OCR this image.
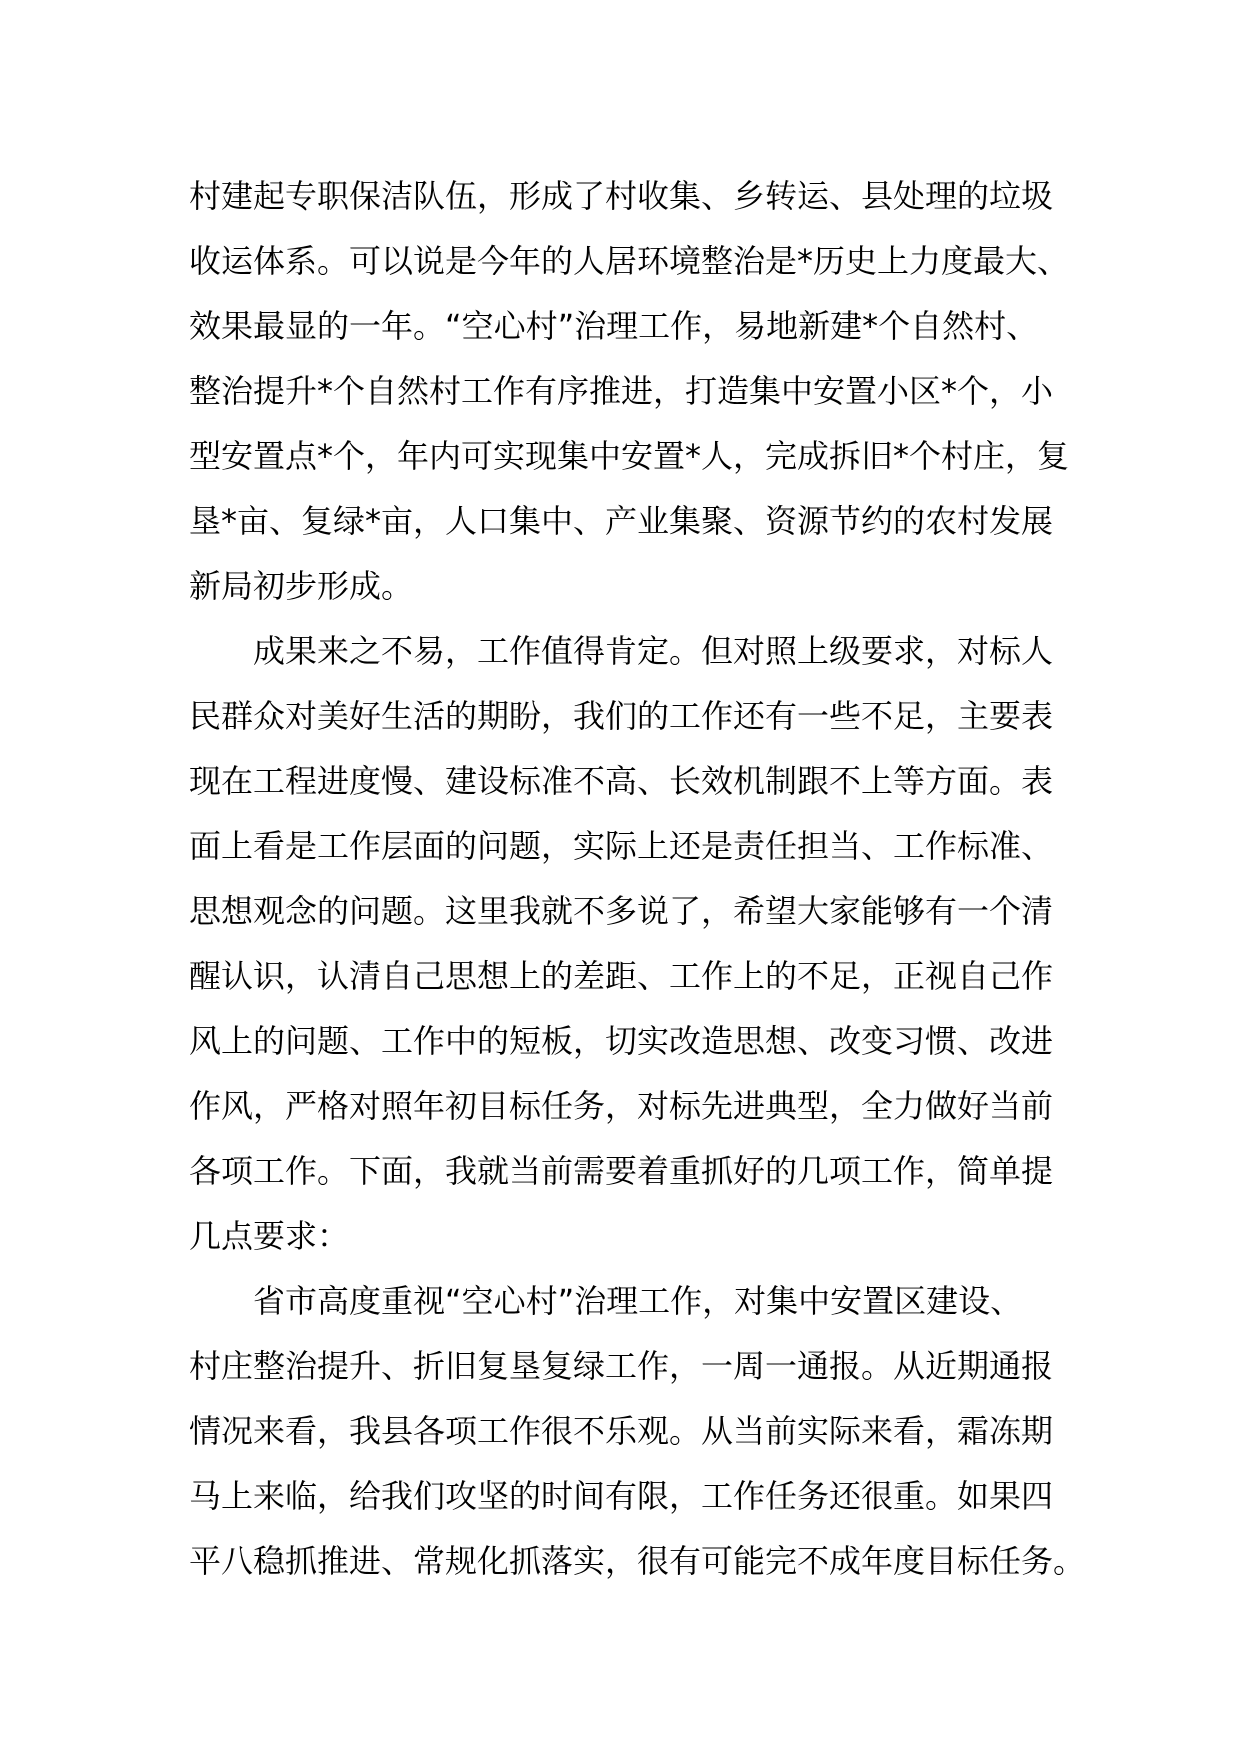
村建起专职保洁队伍，形成了村收集、乡转运、县处理的垃圾
收运体系。可以说是今年的人居环境整治是*历史上力度最大、
效果最显的一年。“空心村”治理工作，易地新建*个自然村、
整治提升*个自然村工作有序推进，打造集中安置小区*个，小
型安置点*个，年内可实现集中安置*人，完成拆旧*个村庄，复
垦*亩、复绿*亩，人口集中、产业集聚、资源节约的农村发展
新局初步形成。
成果来之不易，工作值得肯定。但对照上级要求，对标人
民群众对美好生活的期盼，我们的工作还有一些不足，主要表
现在工程进度慢、建设标准不高、长效机制跟不上等方面。表
面上看是工作层面的问题，实际上还是责任担当、工作标准、
思想观念的问题。这里我就不多说了，希望大家能够有一个清
醒认识，认清自己思想上的差距、工作上的不足，正视自己作
风上的问题、工作中的短板，切实改造思想、改变习惯、改进
作风，严格对照年初目标任务，对标先进典型，全力做好当前
各项工作。下面，我就当前需要着重抓好的几项工作，简单提
几点要求：
省市高度重视“空心村”治理工作，对集中安置区建设、
村庄整治提升、折旧复垦复绿工作，一周一通报。从近期通报
情况来看，我县各项工作很不乐观。从当前实际来看，霜冻期
马上来临，给我们攻坚的时间有限，工作任务还很重。如果四
平八稳抓推进、常规化抓落实，很有可能完不成年度目标任务。
